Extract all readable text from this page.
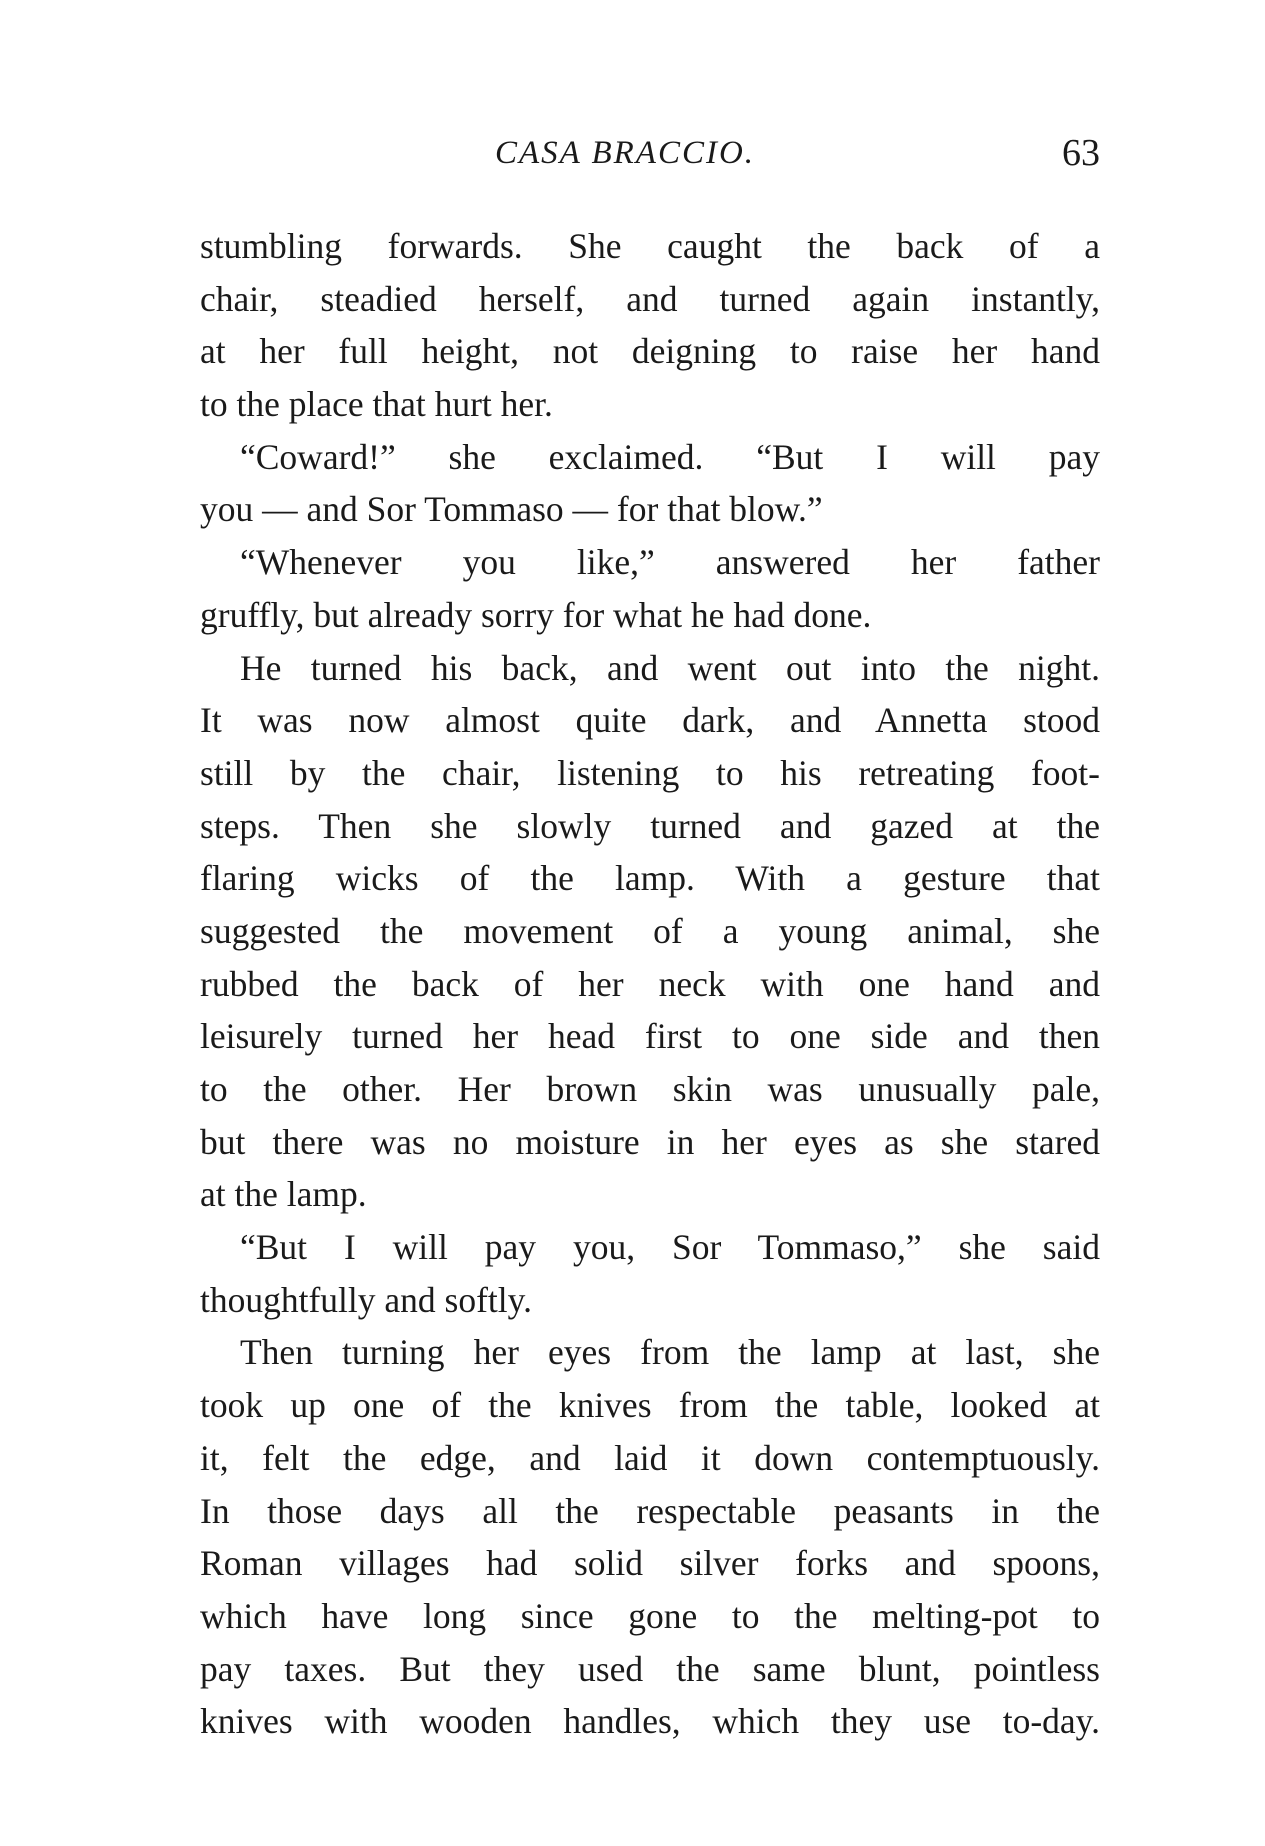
CASA BRACCIO.	63
stumbling forwards. She caught the back of a
chair, steadied herself, and turned again instantly,
at her full height, not deigning to raise her hand
to the place that hurt her.
“Coward!” she exclaimed. “But I will pay
you — and Sor Tommaso — for that blow.”
“Whenever you like,” answered her father
gruffly, but already sorry for what he had done.
He turned his back, and went out into the night.
It was now almost quite dark, and Annetta stood
still by the chair, listening to his retreating foot-
steps. Then she slowly turned and gazed at the
flaring wicks of the lamp. With a gesture that
suggested the movement of a young animal, she
rubbed the back of her neck with one hand and
leisurely turned her head first to one side and then
to the other. Her brown skin was unusually pale,
but there was no moisture in her eyes as she stared
at the lamp.
“But I will pay you, Sor Tommaso,” she said
thoughtfully and softly.
Then turning her eyes from the lamp at last, she
took up one of the knives from the table, looked at
it, felt the edge, and laid it down contemptuously.
In those days all the respectable peasants in the
Roman villages had solid silver forks and spoons,
which have long since gone to the melting-pot to
pay taxes. But they used the same blunt, pointless
knives with wooden handles, which they use to-day.
